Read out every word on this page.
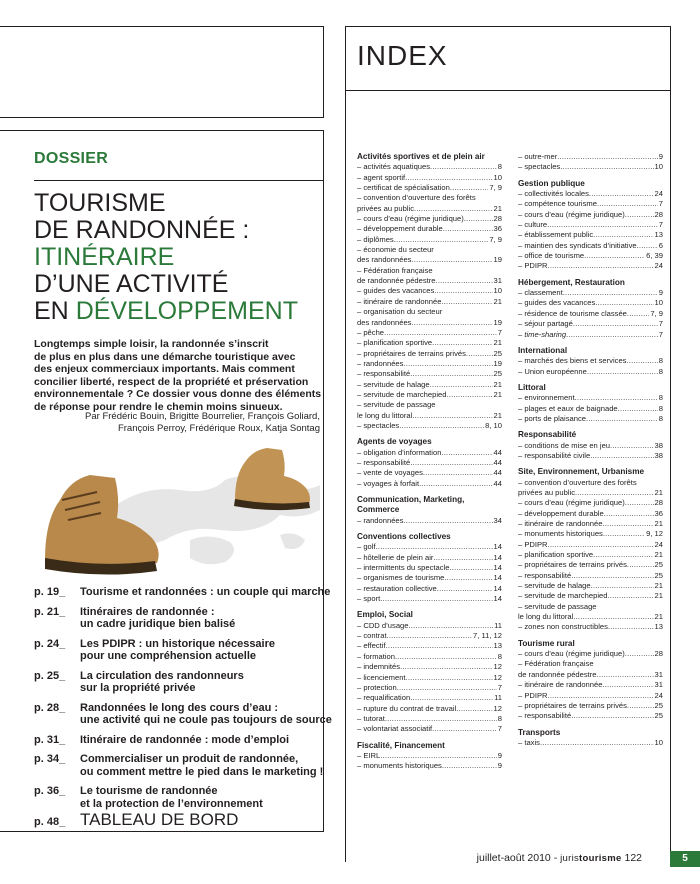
INDEX
DOSSIER
TOURISME
DE RANDONNÉE :
ITINÉRAIRE
D’UNE ACTIVITÉ
EN DÉVELOPPEMENT
Longtemps simple loisir, la randonnée s’inscrit
de plus en plus dans une démarche touristique avec
des enjeux commerciaux importants. Mais comment
concilier liberté, respect de la propriété et préservation
environnementale ? Ce dossier vous donne des éléments
de réponse pour rendre le chemin moins sinueux.
Par Frédéric Bouin, Brigitte Bourrelier, François Goliard,
François Perroy, Frédérique Roux, Katja Sontag
p. 19_ Tourisme et randonnées : un couple qui marche
p. 21_ Itinéraires de randonnée :
un cadre juridique bien balisé
p. 24_ Les PDIPR : un historique nécessaire
pour une compréhension actuelle
p. 25_ La circulation des randonneurs
sur la propriété privée
p. 28_ Randonnées le long des cours d’eau :
une activité qui ne coule pas toujours de source
p. 31_ Itinéraire de randonnée : mode d’emploi
p. 34_ Commercialiser un produit de randonnée,
ou comment mettre le pied dans le marketing !
p. 36_ Le tourisme de randonnée
et la protection de l’environnement
p. 48_ TABLEAU DE BORD
Activités sportives et de plein air
– activités aquatiques .....	8
– agent sportif .....	10
– certificat de spécialisation .....	7, 9
– convention d’ouverture des forêts
privées au public .....	21
– cours d’eau (régime juridique) .....	28
– développement durable .....	36
– diplômes .....	7, 9
– économie du secteur
des randonnées .....	19
– Fédération française
de randonnée pédestre .....	31
– guides des vacances .....	10
– itinéraire de randonnée .....	21
– organisation du secteur
des randonnées .....	19
– pêche .....	7
– planification sportive .....	21
– propriétaires de terrains privés .....	25
– randonnées .....	19
– responsabilité .....	25
– servitude de halage .....	21
– servitude de marchepied .....	21
– servitude de passage
le long du littoral .....	21
– spectacles .....	8, 10
Agents de voyages
– obligation d’information .....	44
– responsabilité .....	44
– vente de voyages .....	44
– voyages à forfait .....	44
Communication, Marketing,
Commerce
– randonnées .....	34
Conventions collectives
– golf .....	14
– hôtellerie de plein air .....	14
– intermittents du spectacle .....	14
– organismes de tourisme .....	14
– restauration collective .....	14
– sport .....	14
Emploi, Social
– CDD d’usage .....	11
– contrat .....	7, 11, 12
– effectif .....	13
– formation .....	8
– indemnités .....	12
– licenciement .....	12
– protection .....	7
– requalification .....	11
– rupture du contrat de travail .....	12
– tutorat .....	8
– volontariat associatif .....	7
Fiscalité, Financement
– EIRL .....	9
– monuments historiques .....	9
– outre-mer .....	9
– spectacles .....	10
Gestion publique
– collectivités locales .....	24
– compétence tourisme .....	7
– cours d’eau (régime juridique) .....	28
– culture .....	7
– établissement public .....	13
– maintien des syndicats d’initiative .....	6
– office de tourisme .....	6, 39
– PDIPR .....	24
Hébergement, Restauration
– classement .....	9
– guides des vacances .....	10
– résidence de tourisme classée .....	7, 9
– séjour partagé .....	7
– time-sharing .....	7
International
– marchés des biens et services .....	8
– Union européenne .....	8
Littoral
– environnement .....	8
– plages et eaux de baignade .....	8
– ports de plaisance .....	8
Responsabilité
– conditions de mise en jeu .....	38
– responsabilité civile .....	38
Site, Environnement, Urbanisme
– convention d’ouverture des forêts
privées au public .....	21
– cours d’eau (régime juridique) .....	28
– développement durable .....	36
– itinéraire de randonnée .....	21
– monuments historiques .....	9, 12
– PDIPR .....	24
– planification sportive .....	21
– propriétaires de terrains privés .....	25
– responsabilité .....	25
– servitude de halage .....	21
– servitude de marchepied .....	21
– servitude de passage
le long du littoral .....	21
– zones non constructibles .....	13
Tourisme rural
– cours d’eau (régime juridique) .....	28
– Fédération française
de randonnée pédestre .....	31
– itinéraire de randonnée .....	31
– PDIPR .....	24
– propriétaires de terrains privés .....	25
– responsabilité .....	25
Transports
– taxis .....	10
juillet-août 2010 - juristourisme 122	5
